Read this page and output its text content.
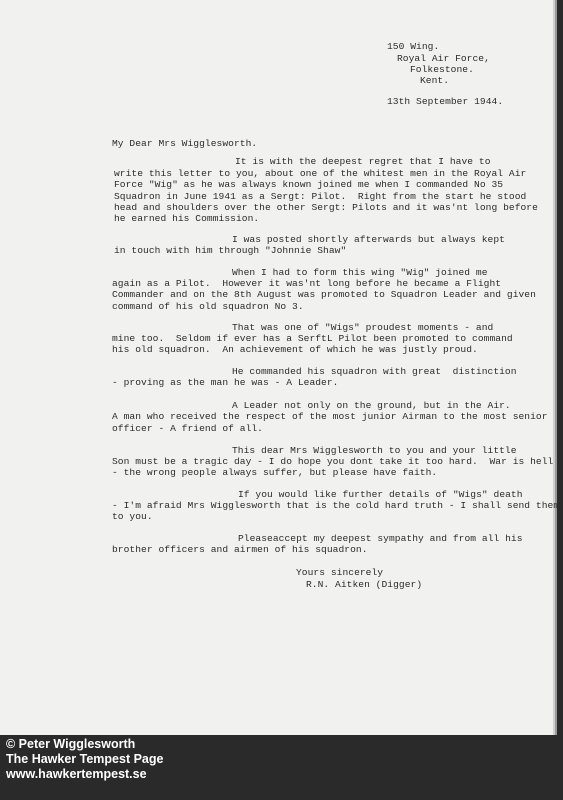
150 Wing.
Royal Air Force,
Folkestone.
Kent.
13th September 1944.
My Dear Mrs Wigglesworth.
It is with the deepest regret that I have to
write this letter to you, about one of the whitest men in the Royal Air
Force "Wig" as he was always known joined me when I commanded No 35
Squadron in June 1941 as a Sergt: Pilot.  Right from the start he stood
head and shoulders over the other Sergt: Pilots and it was'nt long before
he earned his Commission.
I was posted shortly afterwards but always kept
in touch with him through "Johnnie Shaw"
When I had to form this wing "Wig" joined me
again as a Pilot.  However it was'nt long before he became a Flight
Commander and on the 8th August was promoted to Squadron Leader and given
command of his old squadron No 3.
That was one of "Wigs" proudest moments - and
mine too.  Seldom if ever has a SerftL Pilot been promoted to command
his old squadron.  An achievement of which he was justly proud.
He commanded his squadron with great  distinction
- proving as the man he was - A Leader.
A Leader not only on the ground, but in the Air.
A man who received the respect of the most junior Airman to the most senior
officer - A friend of all.
This dear Mrs Wigglesworth to you and your little
Son must be a tragic day - I do hope you dont take it too hard.  War is hell
- the wrong people always suffer, but please have faith.
If you would like further details of "Wigs" death
- I'm afraid Mrs Wigglesworth that is the cold hard truth - I shall send them
to you.
Pleaseaccept my deepest sympathy and from all his
brother officers and airmen of his squadron.
Yours sincerely
R.N. Aitken (Digger)
© Peter Wigglesworth
The Hawker Tempest Page
www.hawkertempest.se
